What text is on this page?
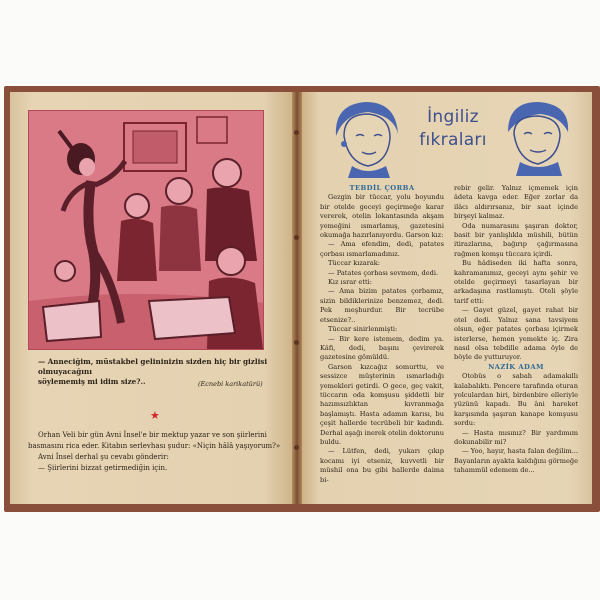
— Anneciğim, müstakbel gelininizin sizden hiç bir gizlisi olmuyacağını
söylememiş mi idim size?..	(Ecnebi karikatürü)
★

Orhan Veli bir gün Avni İnsel'e bir mektup yazar ve son şiirlerini basmasını rica eder. Kitabın serlevhası şudur: «Niçin hâlâ yaşıyorum?»

Avni İnsel derhal şu cevabı gönderir:

— Şiirlerini bizzat getirmediğin için.

İngiliz
fıkraları

TEBDİL ÇORBA

Gezgin bir tüccar, yolu boyundu bir otelde geceyi geçirmeğe karar vererek, otelin lokantasında akşam yemeğini ısmarlamış, gazetesini okumağa hazırlanıyordu. Garson kız:

— Ama efendim, dedi, patates çorbası ısmarlamadınız.

Tüccar kızarak:

— Patates çorbası sevmem, dedi.

Kız ısrar etti:

— Ama bizim patates çorbamız, sizin bildiklerinize benzemez, dedi. Pek meşhurdur. Bir tecrübe etsenize?..

Tüccar sinirlenmişti:

— Bir kere istemem, dedim ya. Kâfi, dedi, başını çevirerek gazetesine gömüldü.

Garson kızcağız somurttu, ve sessizce müşterinin ısmarladığı yemekleri getirdi. O gece, geç vakit, tüccarın oda komşusu şiddetli bir hazımsızlıktan kıvranmağa başlamıştı. Hasta adamın karısı, bu çeşit hallerde tecrübeli bir kadındı. Derhal aşağı inerek otelin doktorunu buldu.

— Lütfen, dedi, yukarı çıkıp kocamı iyi etseniz, kuvvetli bir müshil ona bu gibi hallerde daima bi-

rebir gelir. Yalnız içmemek için âdeta kavga eder. Eğer zorlar da ilâcı aldırırsanız, bir saat içinde birşeyi kalmaz.

Oda numarasını şaşıran doktor, basit bir yanlışlıkla müshili, bütün itirazlarına, bağırıp çağırmasına rağmen komşu tüccara içirdi.

Bu hâdiseden iki hafta sonra, kahramanımız, geceyi aynı şehir ve otelde geçirmeyi tasarlayan bir arkadaşına rastlamıştı. Oteli şöyle tarif etti:

— Gayet güzel, gayet rahat bir otel dedi. Yalnız sana tavsiyem olsun, eğer patates çorbası içirmek isterlerse, hemen yemekte iç. Zira nasıl olsa tebdille adama öyle de böyle de yutturuyor.

NAZİK ADAM

Otobüs o sabah adamakıllı kalabalıktı. Pencere tarafında oturan yolculardan biri, birdenbire elleriyle yüzünü kapadı. Bu âni hareket karşısında şaşıran kanape komşusu sordu:

— Hasta mısınız? Bir yardımım dokunabilir mi?

— Yoo, hayır, hasta falan değilim... Bayanların ayakta kaldığını görmeğe tahammül edemem de...
